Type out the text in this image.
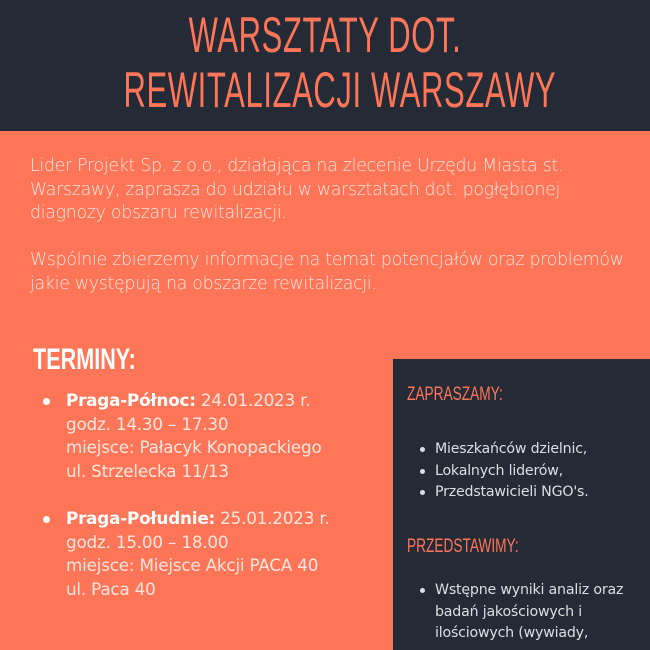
WARSZTATY DOT.
REWITALIZACJI WARSZAWY

Lider Projekt Sp. z o.o., działająca na zlecenie Urzędu Miasta st. Warszawy, zaprasza do udziału w warsztatach dot. pogłębionej diagnozy obszaru rewitalizacji.

Wspólnie zbierzemy informacje na temat potencjałów oraz problemów jakie występują na obszarze rewitalizacji.

TERMINY:
Praga-Północ: 24.01.2023 r.
godz. 14.30 – 17.30
miejsce: Pałacyk Konopackiego
ul. Strzelecka 11/13
Praga-Południe: 25.01.2023 r.
godz. 15.00 – 18.00
miejsce: Miejsce Akcji PACA 40
ul. Paca 40
ZAPRASZAMY:
Mieszkańców dzielnic,
Lokalnych liderów,
Przedstawicieli NGO's.
PRZEDSTAWIMY:
Wstępne wyniki analiz oraz badań jakościowych i ilościowych (wywiady,
